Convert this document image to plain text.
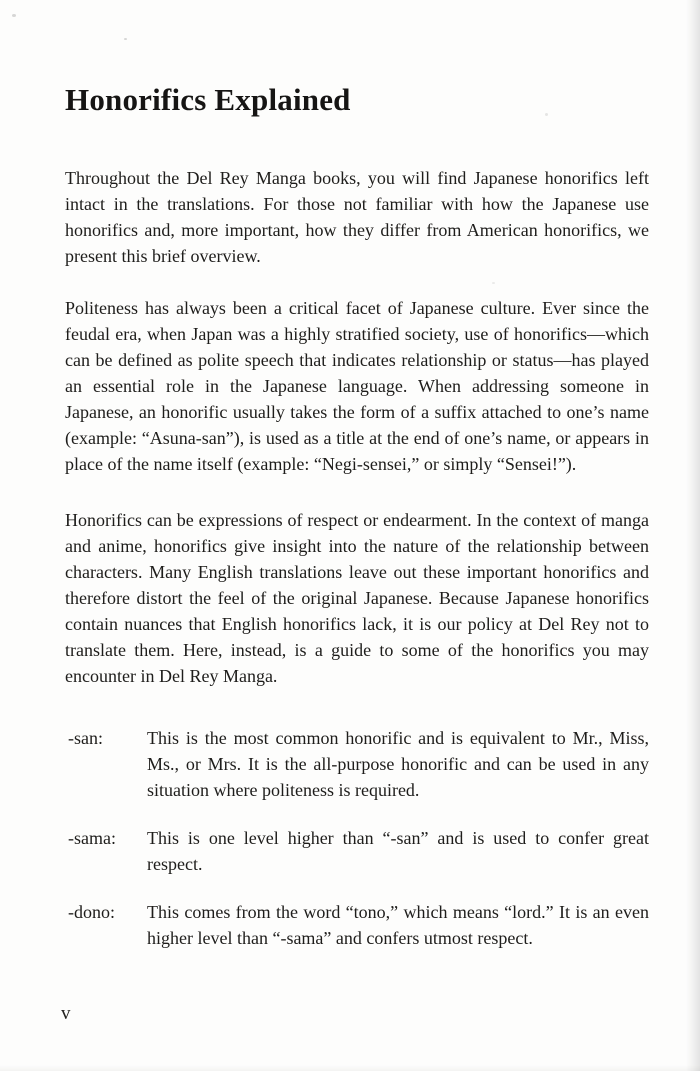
Honorifics Explained

Throughout the Del Rey Manga books, you will find Japanese honorifics left intact in the translations. For those not familiar with how the Japanese use honorifics and, more important, how they differ from American honorifics, we present this brief overview.

Politeness has always been a critical facet of Japanese culture. Ever since the feudal era, when Japan was a highly stratified society, use of honorifics—which can be defined as polite speech that indicates relationship or status—has played an essential role in the Japanese language. When addressing someone in Japanese, an honorific usually takes the form of a suffix attached to one’s name (example: “Asuna-san”), is used as a title at the end of one’s name, or appears in place of the name itself (example: “Negi-sensei,” or simply “Sensei!”).

Honorifics can be expressions of respect or endearment. In the context of manga and anime, honorifics give insight into the nature of the relationship between characters. Many English translations leave out these important honorifics and therefore distort the feel of the original Japanese. Because Japanese honorifics contain nuances that English honorifics lack, it is our policy at Del Rey not to translate them. Here, instead, is a guide to some of the honorifics you may encounter in Del Rey Manga.

-san:	This is the most common honorific and is equivalent to Mr., Miss, Ms., or Mrs. It is the all-purpose honorific and can be used in any situation where politeness is required.
-sama:	This is one level higher than “-san” and is used to confer great respect.
-dono:	This comes from the word “tono,” which means “lord.” It is an even higher level than “-sama” and confers utmost respect.
v
